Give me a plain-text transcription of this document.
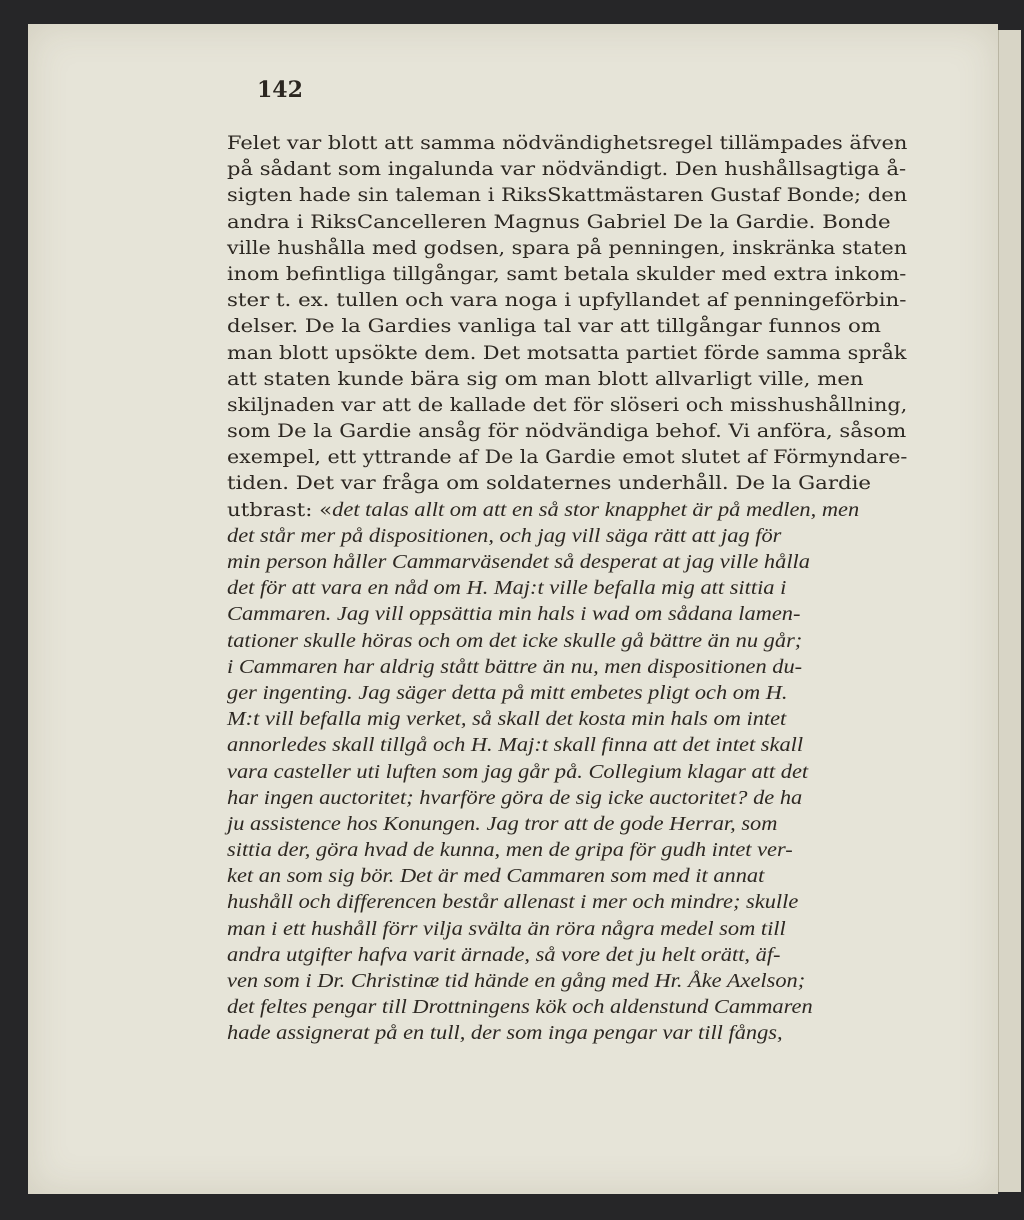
142
Felet var blott att samma nödvändighetsregel tillämpades äfven
på sådant som ingalunda var nödvändigt. Den hushållsagtiga å-
sigten hade sin taleman i RiksSkattmästaren Gustaf Bonde; den
andra i RiksCancelleren Magnus Gabriel De la Gardie. Bonde
ville hushålla med godsen, spara på penningen, inskränka staten
inom befintliga tillgångar, samt betala skulder med extra inkom-
ster t. ex. tullen och vara noga i upfyllandet af penningeförbin-
delser. De la Gardies vanliga tal var att tillgångar funnos om
man blott upsökte dem. Det motsatta partiet förde samma språk
att staten kunde bära sig om man blott allvarligt ville, men
skiljnaden var att de kallade det för slöseri och misshushållning,
som De la Gardie ansåg för nödvändiga behof. Vi anföra, såsom
exempel, ett yttrande af De la Gardie emot slutet af Förmyndare-
tiden. Det var fråga om soldaternes underhåll. De la Gardie
utbrast: «det talas allt om att en så stor knapphet är på medlen, men
det står mer på dispositionen, och jag vill säga rätt att jag för
min person håller Cammarväsendet så desperat at jag ville hålla
det för att vara en nåd om H. Maj:t ville befalla mig att sittia i
Cammaren. Jag vill oppsättia min hals i wad om sådana lamen-
tationer skulle höras och om det icke skulle gå bättre än nu går;
i Cammaren har aldrig stått bättre än nu, men dispositionen du-
ger ingenting. Jag säger detta på mitt embetes pligt och om H.
M:t vill befalla mig verket, så skall det kosta min hals om intet
annorledes skall tillgå och H. Maj:t skall finna att det intet skall
vara casteller uti luften som jag går på. Collegium klagar att det
har ingen auctoritet; hvarföre göra de sig icke auctoritet? de ha
ju assistence hos Konungen. Jag tror att de gode Herrar, som
sittia der, göra hvad de kunna, men de gripa för gudh intet ver-
ket an som sig bör. Det är med Cammaren som med it annat
hushåll och differencen består allenast i mer och mindre; skulle
man i ett hushåll förr vilja svälta än röra några medel som till
andra utgifter hafva varit ärnade, så vore det ju helt orätt, äf-
ven som i Dr. Christinæ tid hände en gång med Hr. Åke Axelson;
det feltes pengar till Drottningens kök och aldenstund Cammaren
hade assignerat på en tull, der som inga pengar var till fångs,
